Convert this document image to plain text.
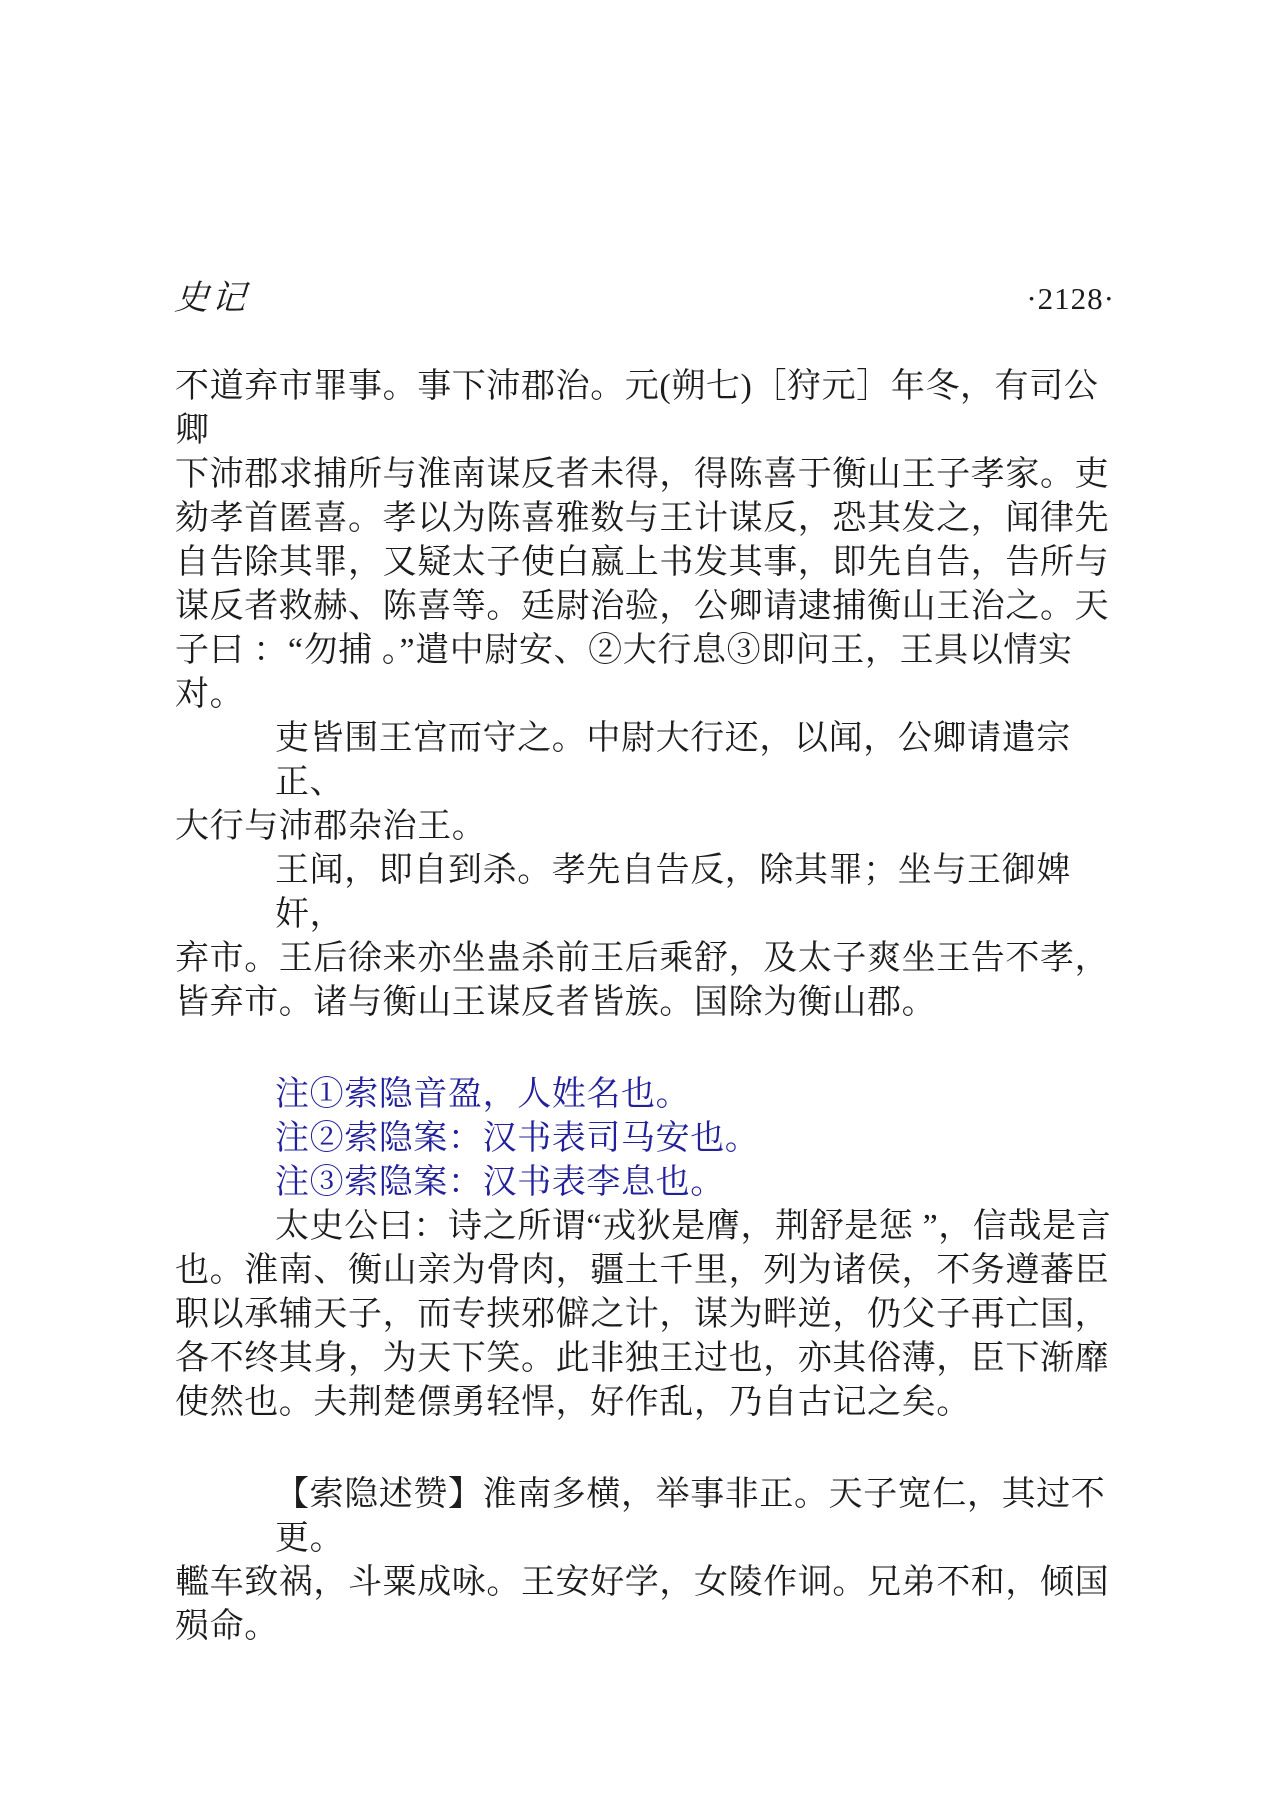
史记	·2128·
不道弃市罪事。事下沛郡治。元(朔七)［狩元］年冬，有司公
卿
下沛郡求捕所与淮南谋反者未得，得陈喜于衡山王子孝家。吏
劾孝首匿喜。孝以为陈喜雅数与王计谋反，恐其发之，闻律先
自告除其罪，又疑太子使白嬴上书发其事，即先自告，告所与
谋反者救赫、陈喜等。廷尉治验，公卿请逮捕衡山王治之。天
子曰 ：“勿捕 。”遣中尉安、②大行息③即问王，王具以情实
对。
吏皆围王宫而守之。中尉大行还，以闻，公卿请遣宗正、
大行与沛郡杂治王。
王闻，即自到杀。孝先自告反，除其罪；坐与王御婢奸，
弃市。王后徐来亦坐蛊杀前王后乘舒，及太子爽坐王告不孝，
皆弃市。诸与衡山王谋反者皆族。国除为衡山郡。
注①索隐音盈，人姓名也。
注②索隐案：汉书表司马安也。
注③索隐案：汉书表李息也。
太史公曰：诗之所谓“戎狄是膺，荆舒是惩 ”，信哉是言
也。淮南、衡山亲为骨肉，疆土千里，列为诸侯，不务遵蕃臣
职以承辅天子，而专挟邪僻之计，谋为畔逆，仍父子再亡国，
各不终其身，为天下笑。此非独王过也，亦其俗薄，臣下渐靡
使然也。夫荆楚僄勇轻悍，好作乱，乃自古记之矣。
【索隐述赞】淮南多横，举事非正。天子宽仁，其过不更。
轞车致祸，斗粟成咏。王安好学，女陵作诇。兄弟不和，倾国
殒命。
